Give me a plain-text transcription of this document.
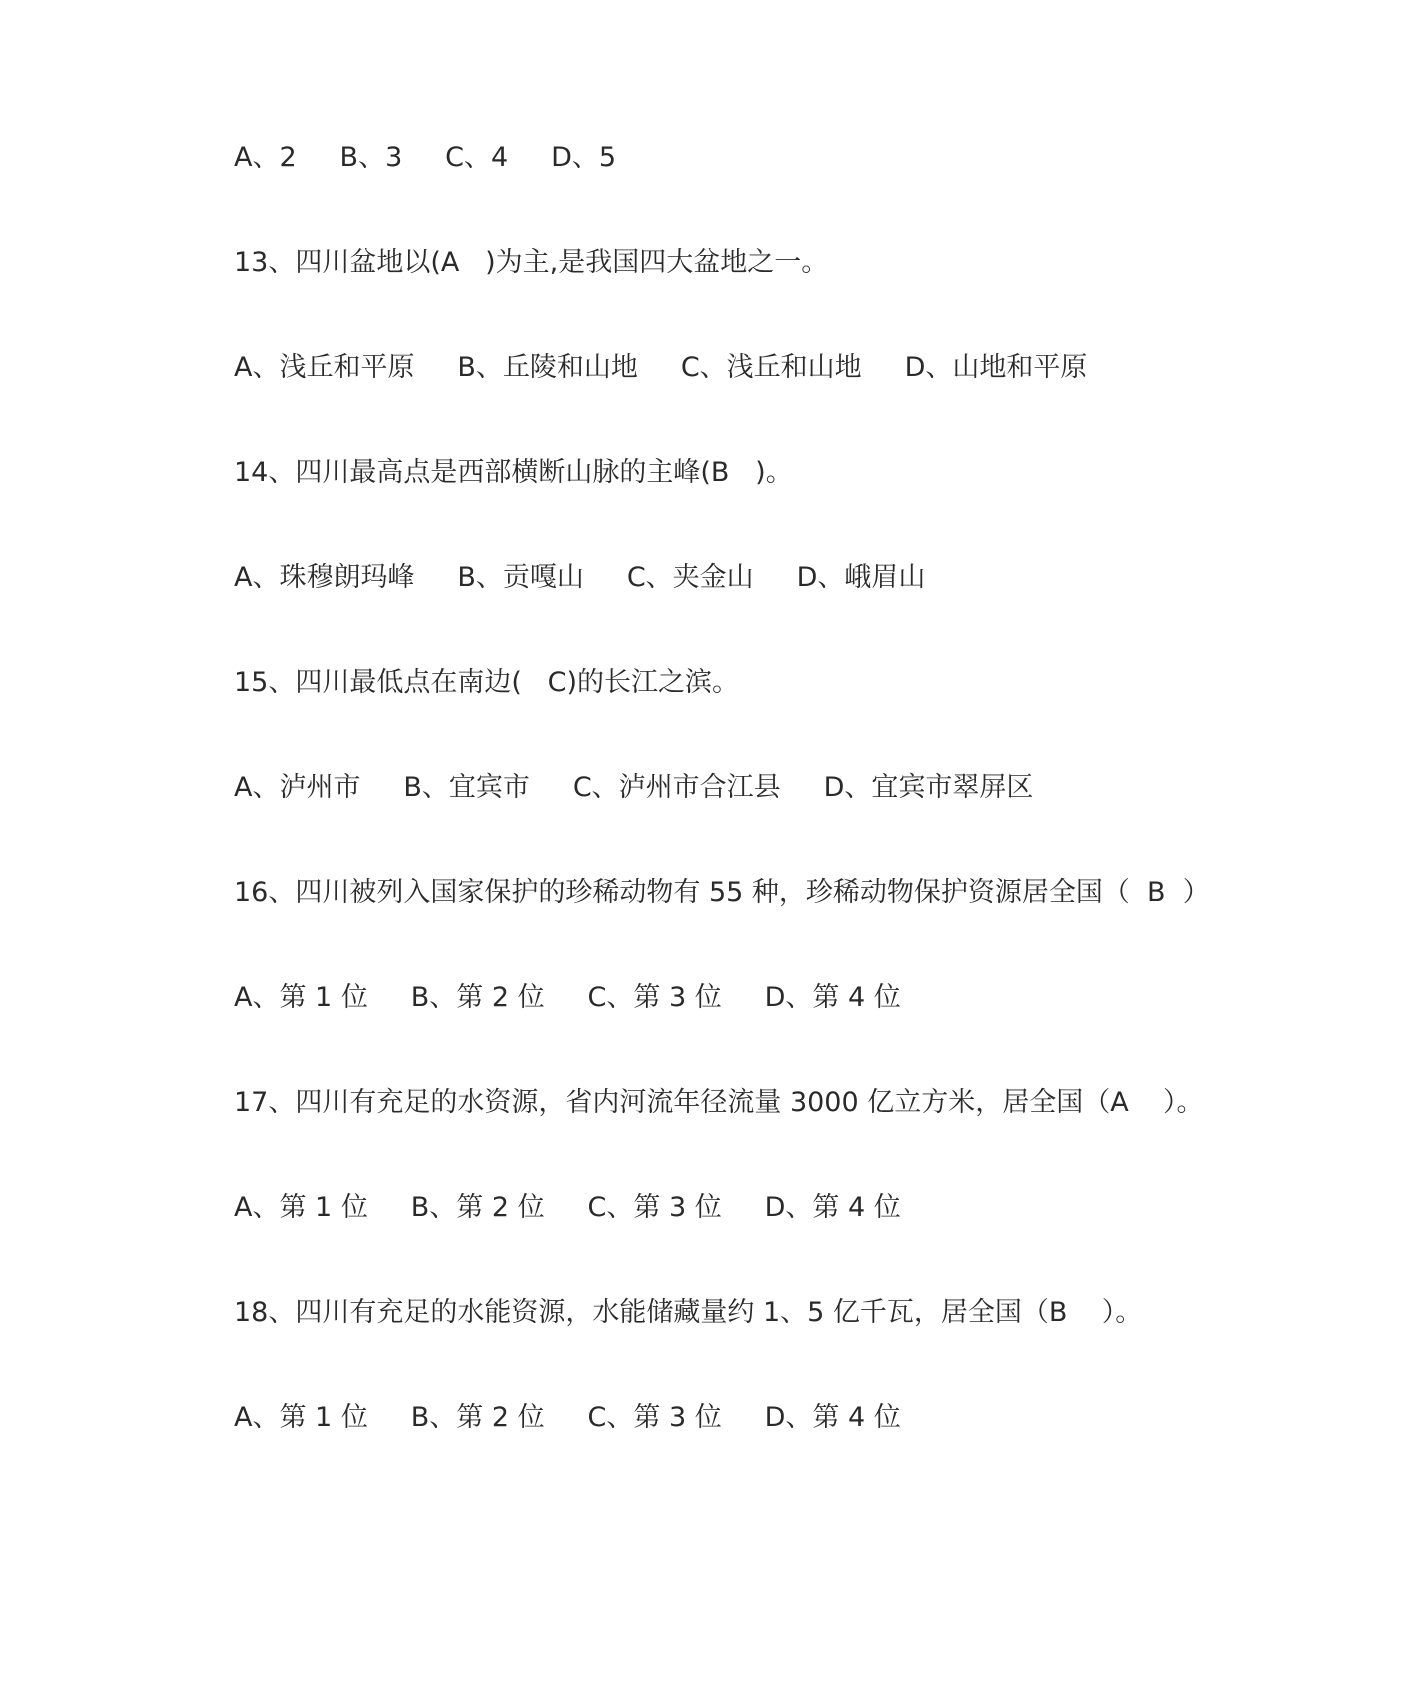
A、2     B、3     C、4     D、5
13、四川盆地以(A   )为主,是我国四大盆地之一。
A、浅丘和平原     B、丘陵和山地     C、浅丘和山地     D、山地和平原
14、四川最高点是西部横断山脉的主峰(B   )。
A、珠穆朗玛峰     B、贡嘎山     C、夹金山     D、峨眉山
15、四川最低点在南边(   C)的长江之滨。
A、泸州市     B、宜宾市     C、泸州市合江县     D、宜宾市翠屏区
16、四川被列入国家保护的珍稀动物有 55 种，珍稀动物保护资源居全国（  B  ）
A、第 1 位     B、第 2 位     C、第 3 位     D、第 4 位
17、四川有充足的水资源，省内河流年径流量 3000 亿立方米，居全国（A    ）。
A、第 1 位     B、第 2 位     C、第 3 位     D、第 4 位
18、四川有充足的水能资源，水能储藏量约 1、5 亿千瓦，居全国（B    ）。
A、第 1 位     B、第 2 位     C、第 3 位     D、第 4 位
